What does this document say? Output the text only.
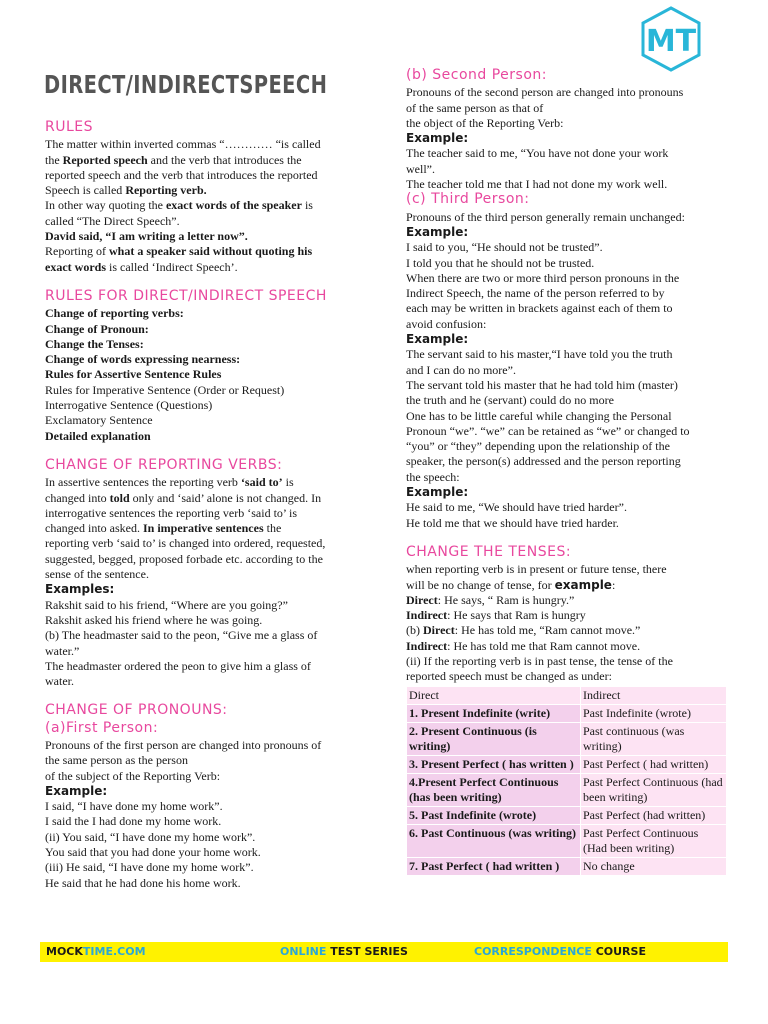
MT
DIRECT/INDIRECTSPEECH
RULES

The matter within inverted commas “………… “is called

the Reported speech and the verb that introduces the

reported speech and the verb that introduces the reported

Speech is called Reporting verb.

In other way quoting the exact words of the speaker is

called “The Direct Speech”.

David said, “I am writing a letter now”.

Reporting of what a speaker said without quoting his

exact words is called ‘Indirect Speech’.

RULES FOR DIRECT/INDIRECT SPEECH

Change of reporting verbs:

Change of Pronoun:

Change the Tenses:

Change of words expressing nearness:

Rules for Assertive Sentence Rules

Rules for Imperative Sentence (Order or Request)

Interrogative Sentence (Questions)

Exclamatory Sentence

Detailed explanation

CHANGE OF REPORTING VERBS:

In assertive sentences the reporting verb ‘said to’ is

changed into told only and ‘said’ alone is not changed. In

interrogative sentences the reporting verb ‘said to’ is

changed into asked. In imperative sentences the

reporting verb ‘said to’ is changed into ordered, requested,

suggested, begged, proposed forbade etc. according to the

sense of the sentence.

Examples:

Rakshit said to his friend, “Where are you going?”

Rakshit asked his friend where he was going.

(b) The headmaster said to the peon, “Give me a glass of

water.”

The headmaster ordered the peon to give him a glass of

water.

CHANGE OF PRONOUNS:
(a)First Person:

Pronouns of the first person are changed into pronouns of

the same person as the person

of the subject of the Reporting Verb:

Example:

I said, “I have done my home work”.

I said the I had done my home work.

(ii) You said, “I have done my home work”.

You said that you had done your home work.

(iii) He said, “I have done my home work”.

He said that he had done his home work.

(b) Second Person:

Pronouns of the second person are changed into pronouns

of the same person as that of

the object of the Reporting Verb:

Example:

The teacher said to me, “You have not done your work

well”.

The teacher told me that I had not done my work well.

(c) Third Person:

Pronouns of the third person generally remain unchanged:

Example:

I said to you, “He should not be trusted”.

I told you that he should not be trusted.

When there are two or more third person pronouns in the

Indirect Speech, the name of the person referred to by

each may be written in brackets against each of them to

avoid confusion:

Example:

The servant said to his master,“I have told you the truth

and I can do no more”.

The servant told his master that he had told him (master)

the truth and he (servant) could do no more

One has to be little careful while changing the Personal

Pronoun “we”. “we” can be retained as “we” or changed to

“you” or “they” depending upon the relationship of the

speaker, the person(s) addressed and the person reporting

the speech:

Example:

He said to me, “We should have tried harder”.

He told me that we should have tried harder.

CHANGE THE TENSES:

when reporting verb is in present or future tense, there

will be no change of tense, for example:

Direct: He says, “ Ram is hungry.”

Indirect: He says that Ram is hungry

(b) Direct: He has told me, “Ram cannot move.”

Indirect: He has told me that Ram cannot move.

(ii) If the reporting verb is in past tense, the tense of the

reported speech must be changed as under:

Direct	Indirect
1. Present Indefinite (write)	Past Indefinite (wrote)
2. Present Continuous (is writing)	Past continuous (was writing)
3. Present Perfect ( has written )	Past Perfect ( had written)
4.Present Perfect Continuous (has been writing)	Past Perfect Continuous (had been writing)
5. Past Indefinite (wrote)	Past Perfect (had written)
6. Past Continuous (was writing)	Past Perfect Continuous (Had been writing)
7. Past Perfect ( had written )	No change
MOCKTIME.COM	ONLINE TEST SERIES	CORRESPONDENCE COURSE
